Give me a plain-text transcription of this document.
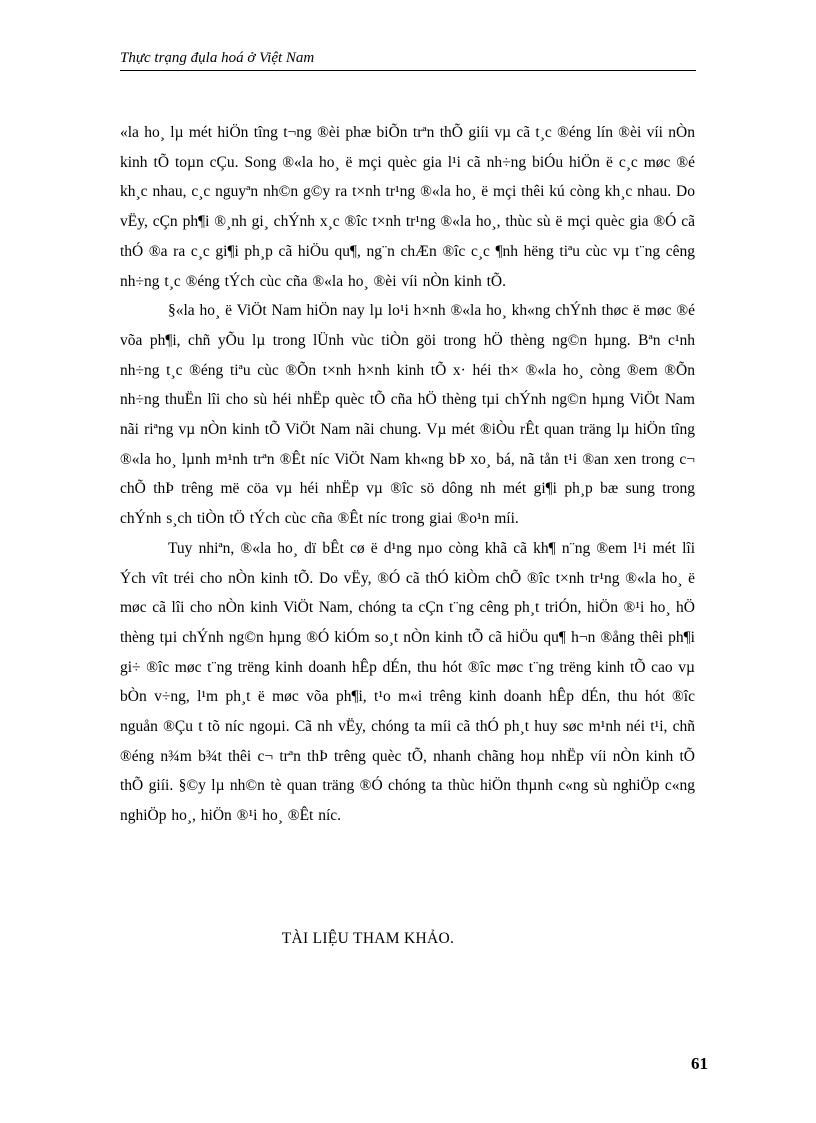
Thực trạng đụla hoá ở Việt Nam

«la ho¸ lµ mét hiÖn tîng t¬ng ®èi phæ biÕn trªn thÕ giíi vµ cã t¸c ®éng lín ®èi víi nÒn kinh tÕ toµn cÇu. Song ®«la ho¸ ë mçi quèc gia l¹i cã nh÷ng biÓu hiÖn ë c¸c møc ®é kh¸c nhau, c¸c nguyªn nh©n g©y ra t×nh tr¹ng ®«la ho¸ ë mçi thêi kú còng kh¸c nhau. Do vËy, cÇn ph¶i ®¸nh gi¸ chÝnh x¸c ®îc t×nh tr¹ng ®«la ho¸, thùc sù ë mçi quèc gia ®Ó cã thÓ ®a ra c¸c gi¶i ph¸p cã hiÖu qu¶, ng¨n chÆn ®îc c¸c ¶nh hëng tiªu cùc vµ t¨ng cêng nh÷ng t¸c ®éng tÝch cùc cña ®«la ho¸ ®èi víi nÒn kinh tÕ.

§«la ho¸ ë ViÖt Nam hiÖn nay lµ lo¹i h×nh ®«la ho¸ kh«ng chÝnh thøc ë møc ®é võa ph¶i, chñ yÕu lµ trong lÜnh vùc tiÒn göi trong hÖ thèng ng©n hµng. Bªn c¹nh nh÷ng t¸c ®éng tiªu cùc ®Õn t×nh h×nh kinh tÕ x· héi th× ®«la ho¸ còng ®em ®Õn nh÷ng thuËn lîi cho sù héi nhËp quèc tÕ cña hÖ thèng tµi chÝnh ng©n hµng ViÖt Nam nãi riªng vµ nÒn kinh tÕ ViÖt Nam nãi chung. Vµ mét ®iÒu rÊt quan träng lµ hiÖn tîng ®«la ho¸ lµnh m¹nh trªn ®Êt níc ViÖt Nam kh«ng bÞ xo¸ bá, nã tån t¹i ®an xen trong c¬ chÕ thÞ trêng më cöa vµ héi nhËp vµ ®îc sö dông nh mét gi¶i ph¸p bæ sung trong chÝnh s¸ch tiÒn tÖ tÝch cùc cña ®Êt níc trong giai ®o¹n míi.

Tuy nhiªn, ®«la ho¸ dï bÊt cø ë d¹ng nµo còng khã cã kh¶ n¨ng ®em l¹i mét lîi Ých vît tréi cho nÒn kinh tÕ. Do vËy, ®Ó cã thÓ kiÒm chÕ ®îc t×nh tr¹ng ®«la ho¸ ë møc cã lîi cho nÒn kinh ViÖt Nam, chóng ta cÇn t¨ng cêng ph¸t triÓn, hiÖn ®¹i ho¸ hÖ thèng tµi chÝnh ng©n hµng ®Ó kiÓm so¸t nÒn kinh tÕ cã hiÖu qu¶ h¬n ®ång thêi ph¶i gi÷ ®îc møc t¨ng trëng kinh doanh hÊp dÉn, thu hót ®îc møc t¨ng trëng kinh tÕ cao vµ bÒn v÷ng, l¹m ph¸t ë møc võa ph¶i, t¹o m«i trêng kinh doanh hÊp dÉn, thu hót ®îc nguån ®Çu t tõ níc ngoµi. Cã nh vËy, chóng ta míi cã thÓ ph¸t huy søc m¹nh néi t¹i, chñ ®éng n¾m b¾t thêi c¬ trªn thÞ trêng quèc tÕ, nhanh chãng hoµ nhËp víi nÒn kinh tÕ thÕ giíi. §©y lµ nh©n tè quan träng ®Ó chóng ta thùc hiÖn thµnh c«ng sù nghiÖp c«ng nghiÖp ho¸, hiÖn ®¹i ho¸ ®Êt níc.

TÀI LIỆU THAM KHẢO.
61
